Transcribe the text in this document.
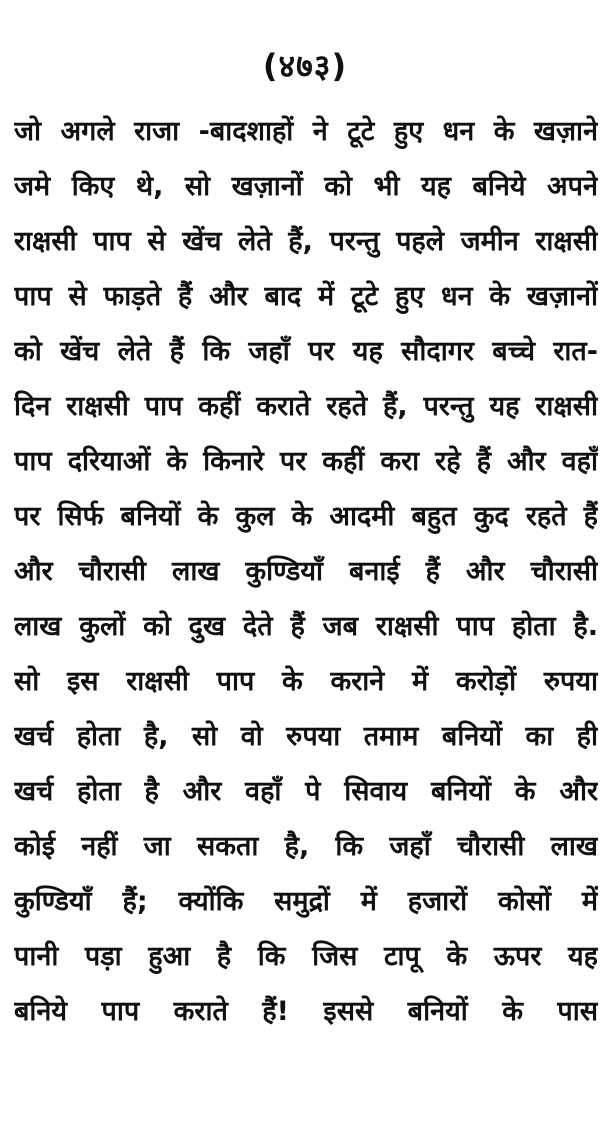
(४७३)
जो अगले राजा -बादशाहों ने टूटे हुए धन के खज़ाने
जमे किए थे, सो खज़ानों को भी यह बनिये अपने
राक्षसी पाप से खेंच लेते हैं, परन्तु पहले जमीन राक्षसी
पाप से फाड़ते हैं और बाद में टूटे हुए धन के खज़ानों
को खेंच लेते हैं कि जहाँ पर यह सौदागर बच्चे रात-
दिन राक्षसी पाप कहीं कराते रहते हैं, परन्तु यह राक्षसी
पाप दरियाओं के किनारे पर कहीं करा रहे हैं और वहाँ
पर सिर्फ बनियों के कुल के आदमी बहुत कुद रहते हैं
और चौरासी लाख कुण्डियाँ बनाई हैं और चौरासी
लाख कुलों को दुख देते हैं जब राक्षसी पाप होता है.
सो इस राक्षसी पाप के कराने में करोड़ों रुपया
खर्च होता है, सो वो रुपया तमाम बनियों का ही
खर्च होता है और वहाँ पे सिवाय बनियों के और
कोई नहीं जा सकता है, कि जहाँ चौरासी लाख
कुण्डियाँ हैं; क्योंकि समुद्रों में हजारों कोसों में
पानी पड़ा हुआ है कि जिस टापू के ऊपर यह
बनिये पाप कराते हैं! इससे बनियों के पास
